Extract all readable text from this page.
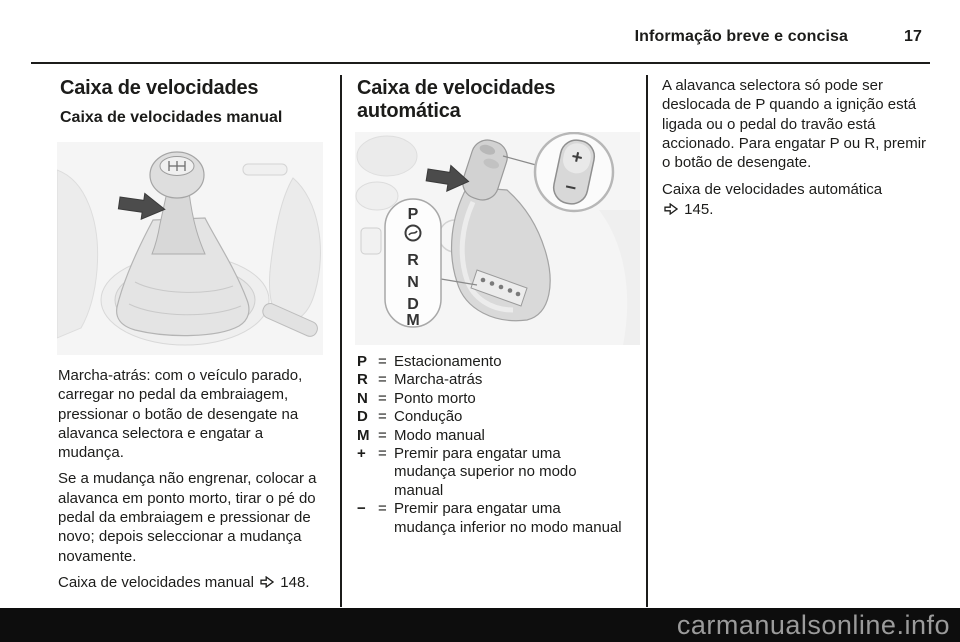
Informação breve e concisa	17
Caixa de velocidades
Caixa de velocidades manual

Marcha-atrás: com o veículo parado, carregar no pedal da embraiagem, pressionar o botão de desengate na alavanca selectora e engatar a mudança.

Se a mudança não engrenar, colocar a alavanca em ponto morto, tirar o pé do pedal da embraiagem e pressionar de novo; depois seleccionar a mudança novamente.

Caixa de velocidades manual 148.

Caixa de velocidades automática
P
R
N
D
M
+
−
P = Estacionamento
R = Marcha-atrás
N = Ponto morto
D = Condução
M = Modo manual
+ = Premir para engatar uma mudança superior no modo manual
− = Premir para engatar uma mudança inferior no modo manual

A alavanca selectora só pode ser deslocada de P quando a ignição está ligada ou o pedal do travão está accionado. Para engatar P ou R, premir o botão de desengate.

Caixa de velocidades automática
145.

carmanualsonline.info
